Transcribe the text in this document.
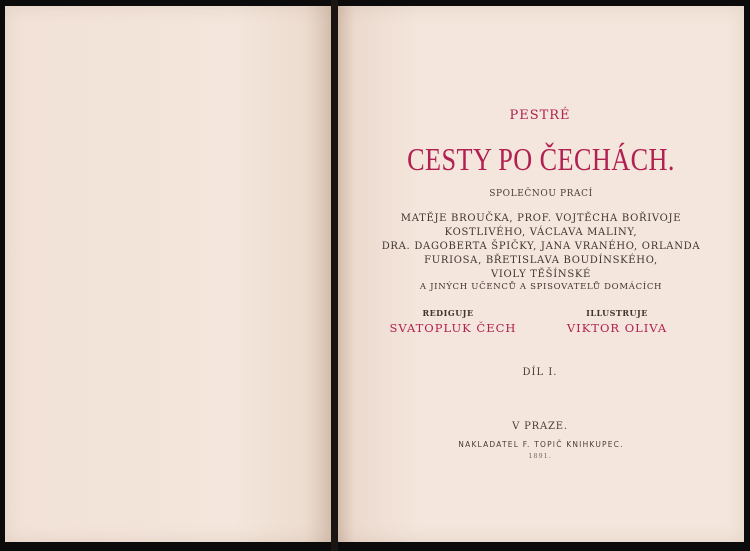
PESTRÉ
CESTY PO ČECHÁCH.
SPOLEČNOU PRACÍ
MATĚJE BROUČKA, PROF. VOJTĚCHA BOŘIVOJE
KOSTLIVÉHO, VÁCLAVA MALINY,
DRA. DAGOBERTA ŠPIČKY, JANA VRANÉHO, ORLANDA
FURIOSA, BŘETISLAVA BOUDÍNSKÉHO,
VIOLY TĚŠÍNSKÉ
A JINÝCH UČENCŮ A SPISOVATELŮ DOMÁCÍCH
REDIGUJE
SVATOPLUK ČECH
ILLUSTRUJE
VIKTOR OLIVA
DÍL I.
V PRAZE.
NAKLADATEL F. TOPIČ KNIHKUPEC.
1891.
